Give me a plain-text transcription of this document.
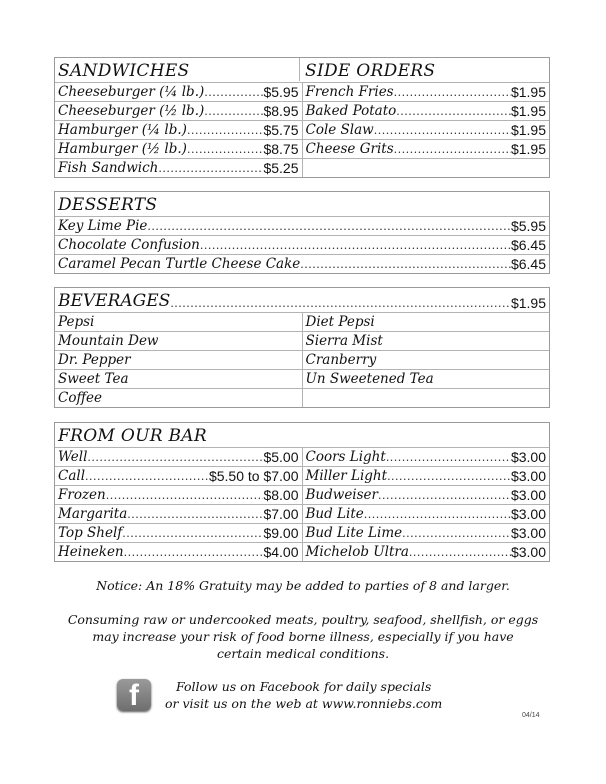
SANDWICHES	SIDE ORDERS
Cheeseburger (¼ lb.) .....	$5.95 French Fries .....	$1.95
Cheeseburger (½ lb.) .....	$8.95 Baked Potato .....	$1.95
Hamburger (¼ lb.) .....	$5.75 Cole Slaw .....	$1.95
Hamburger (½ lb.) .....	$8.75 Cheese Grits .....	$1.95
Fish Sandwich .....	$5.25
DESSERTS
Key Lime Pie .....	$5.95
Chocolate Confusion .....	$6.45
Caramel Pecan Turtle Cheese Cake .....	$6.45
BEVERAGES .....	$1.95
Pepsi	Diet Pepsi
Mountain Dew	Sierra Mist
Dr. Pepper	Cranberry
Sweet Tea	Un Sweetened Tea
Coffee
FROM OUR BAR
Well .....	$5.00 Coors Light .....	$3.00
Call .....	$5.50 to $7.00 Miller Light .....	$3.00
Frozen .....	$8.00 Budweiser .....	$3.00
Margarita .....	$7.00 Bud Lite .....	$3.00
Top Shelf .....	$9.00 Bud Lite Lime .....	$3.00
Heineken .....	$4.00 Michelob Ultra .....	$3.00
Notice: An 18% Gratuity may be added to parties of 8 and larger.
Consuming raw or undercooked meats, poultry, seafood, shellfish, or eggs
may increase your risk of food borne illness, especially if you have
certain medical conditions.
f	Follow us on Facebook for daily specials
or visit us on the web at www.ronniebs.com
04/14
